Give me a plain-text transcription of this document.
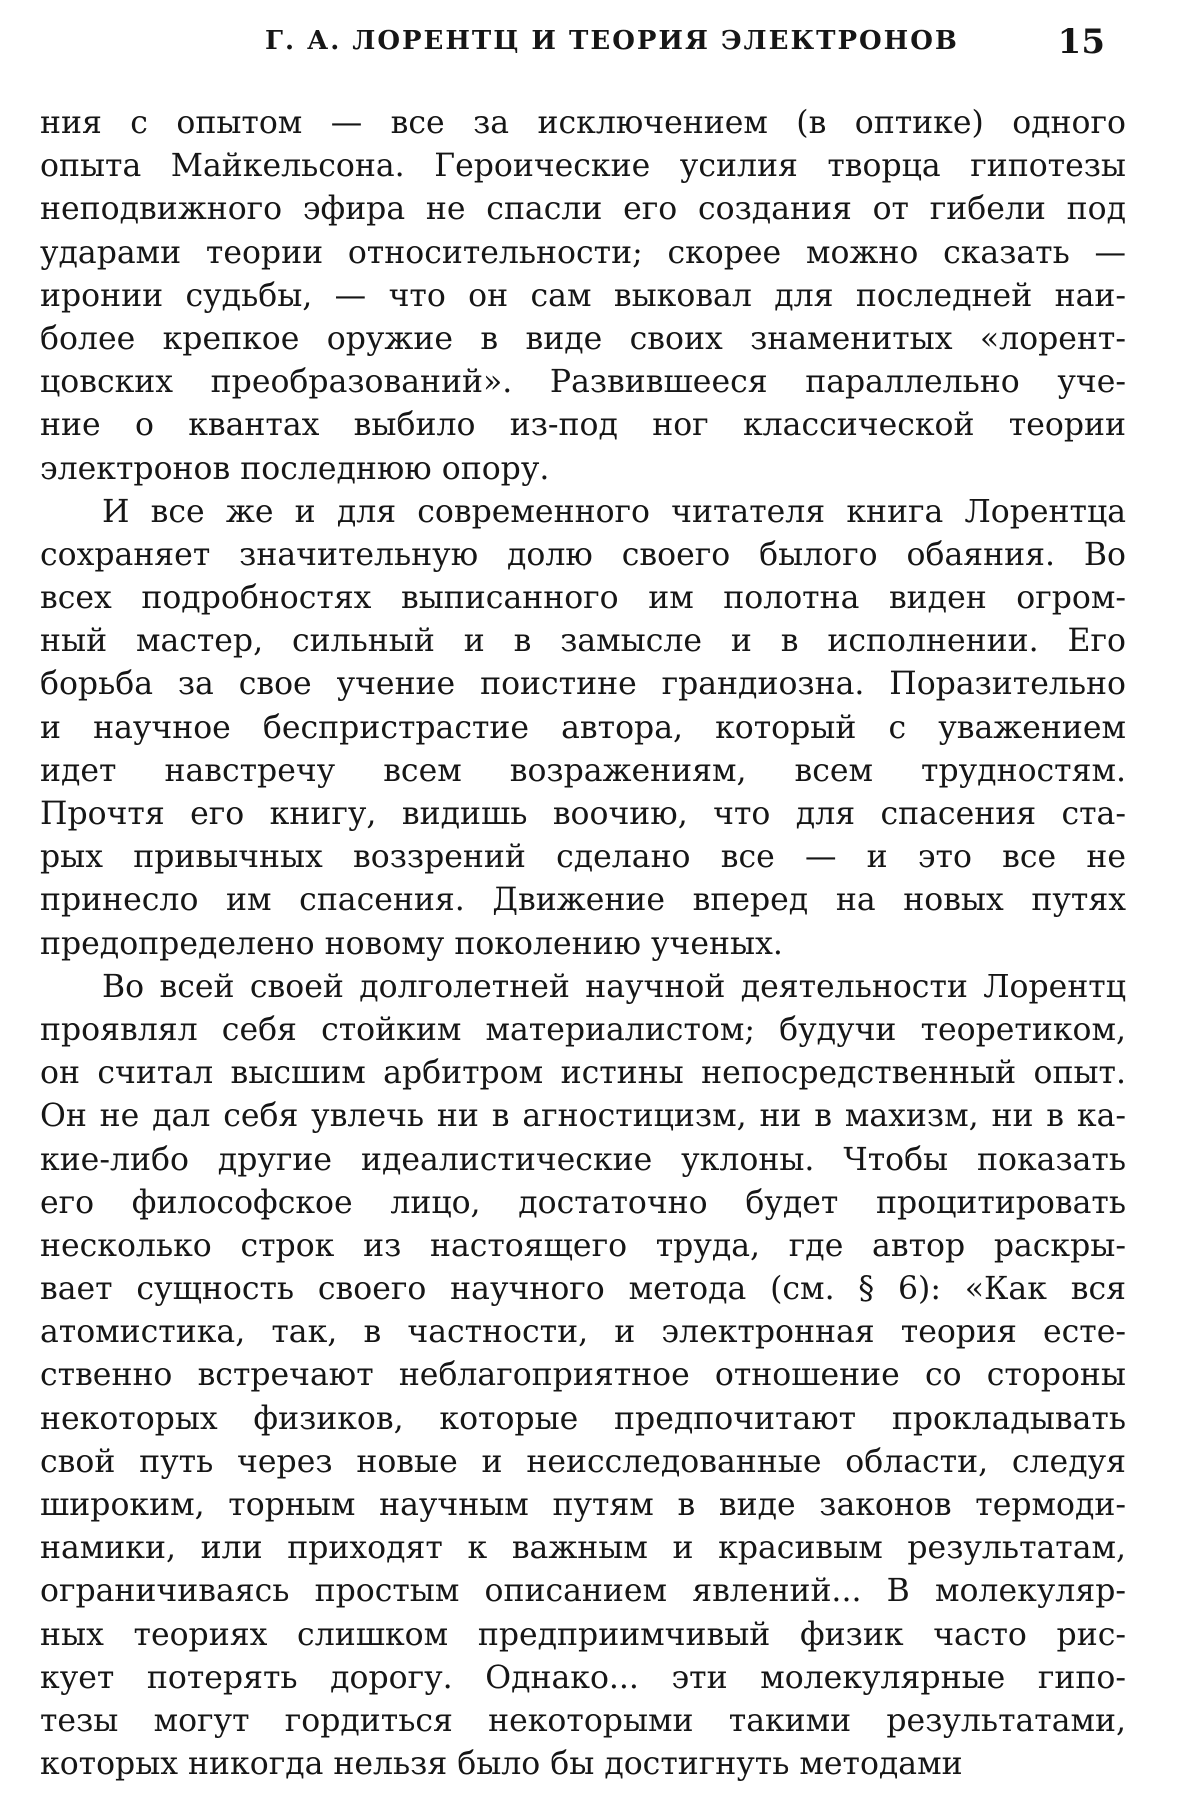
Г. А. ЛОРЕНТЦ И ТЕОРИЯ ЭЛЕКТРОНОВ	15
ния с опытом — все за исключением (в оптике) одного
опыта Майкельсона. Героические усилия творца гипотезы
неподвижного эфира не спасли его создания от гибели под
ударами теории относительности; скорее можно сказать —
иронии судьбы, — что он сам выковал для последней наи-
более крепкое оружие в виде своих знаменитых «лорент-
цовских преобразований». Развившееся параллельно уче-
ние о квантах выбило из-под ног классической теории
электронов последнюю опору.
И все же и для современного читателя книга Лорентца
сохраняет значительную долю своего былого обаяния. Во
всех подробностях выписанного им полотна виден огром-
ный мастер, сильный и в замысле и в исполнении. Его
борьба за свое учение поистине грандиозна. Поразительно
и научное беспристрастие автора, который с уважением
идет навстречу всем возражениям, всем трудностям.
Прочтя его книгу, видишь воочию, что для спасения ста-
рых привычных воззрений сделано все — и это все не
принесло им спасения. Движение вперед на новых путях
предопределено новому поколению ученых.
Во всей своей долголетней научной деятельности Лорентц
проявлял себя стойким материалистом; будучи теоретиком,
он считал высшим арбитром истины непосредственный опыт.
Он не дал себя увлечь ни в агностицизм, ни в махизм, ни в ка-
кие-либо другие идеалистические уклоны. Чтобы показать
его философское лицо, достаточно будет процитировать
несколько строк из настоящего труда, где автор раскры-
вает сущность своего научного метода (см. § 6): «Как вся
атомистика, так, в частности, и электронная теория есте-
ственно встречают неблагоприятное отношение со стороны
некоторых физиков, которые предпочитают прокладывать
свой путь через новые и неисследованные области, следуя
широким, торным научным путям в виде законов термоди-
намики, или приходят к важным и красивым результатам,
ограничиваясь простым описанием явлений... В молекуляр-
ных теориях слишком предприимчивый физик часто рис-
кует потерять дорогу. Однако... эти молекулярные гипо-
тезы могут гордиться некоторыми такими результатами,
которых никогда нельзя было бы достигнуть методами
